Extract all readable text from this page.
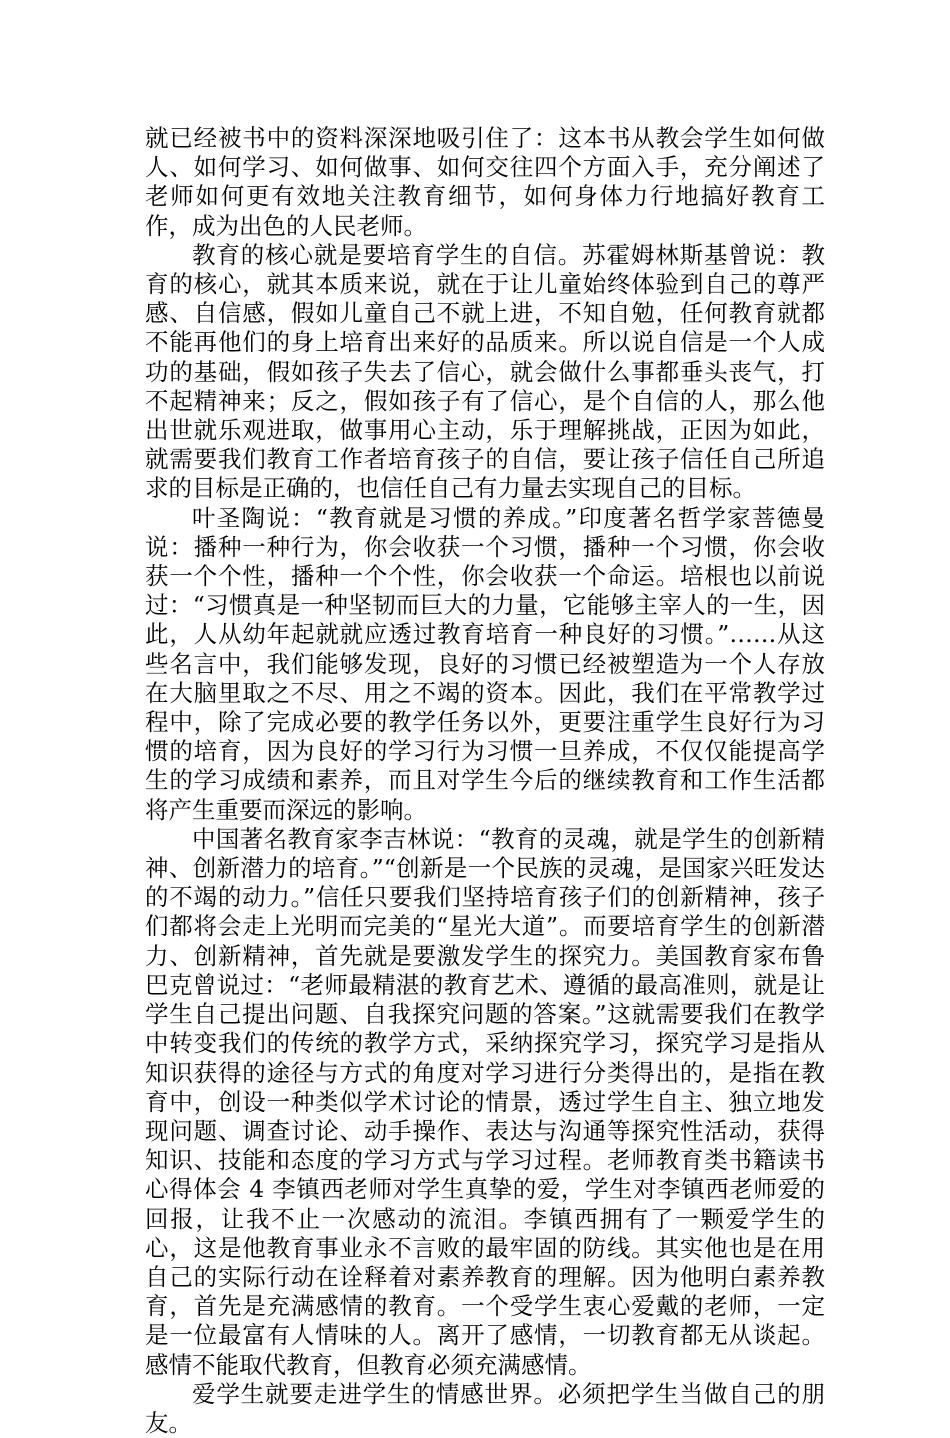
就已经被书中的资料深深地吸引住了：这本书从教会学生如何做人、如何学习、如何做事、如何交往四个方面入手，充分阐述了老师如何更有效地关注教育细节，如何身体力行地搞好教育工作，成为出色的人民老师。

教育的核心就是要培育学生的自信。苏霍姆林斯基曾说：教育的核心，就其本质来说，就在于让儿童始终体验到自己的尊严感、自信感，假如儿童自己不就上进，不知自勉，任何教育就都不能再他们的身上培育出来好的品质来。所以说自信是一个人成功的基础，假如孩子失去了信心，就会做什么事都垂头丧气，打不起精神来；反之，假如孩子有了信心，是个自信的人，那么他出世就乐观进取，做事用心主动，乐于理解挑战，正因为如此，就需要我们教育工作者培育孩子的自信，要让孩子信任自己所追求的目标是正确的，也信任自己有力量去实现自己的目标。

叶圣陶说：“教育就是习惯的养成。”印度著名哲学家菩德曼说：播种一种行为，你会收获一个习惯，播种一个习惯，你会收获一个个性，播种一个个性，你会收获一个命运。培根也以前说过：“习惯真是一种坚韧而巨大的力量，它能够主宰人的一生，因此，人从幼年起就就应透过教育培育一种良好的习惯。”……从这些名言中，我们能够发现，良好的习惯已经被塑造为一个人存放在大脑里取之不尽、用之不竭的资本。因此，我们在平常教学过程中，除了完成必要的教学任务以外，更要注重学生良好行为习惯的培育，因为良好的学习行为习惯一旦养成，不仅仅能提高学生的学习成绩和素养，而且对学生今后的继续教育和工作生活都将产生重要而深远的影响。

中国著名教育家李吉林说：“教育的灵魂，就是学生的创新精神、创新潜力的培育。”“创新是一个民族的灵魂，是国家兴旺发达的不竭的动力。”信任只要我们坚持培育孩子们的创新精神，孩子们都将会走上光明而完美的“星光大道”。而要培育学生的创新潜力、创新精神，首先就是要激发学生的探究力。美国教育家布鲁巴克曾说过：“老师最精湛的教育艺术、遵循的最高准则，就是让学生自己提出问题、自我探究问题的答案。”这就需要我们在教学中转变我们的传统的教学方式，采纳探究学习，探究学习是指从知识获得的途径与方式的角度对学习进行分类得出的，是指在教育中，创设一种类似学术讨论的情景，透过学生自主、独立地发现问题、调查讨论、动手操作、表达与沟通等探究性活动，获得知识、技能和态度的学习方式与学习过程。老师教育类书籍读书心得体会 4 李镇西老师对学生真挚的爱，学生对李镇西老师爱的回报，让我不止一次感动的流泪。李镇西拥有了一颗爱学生的心，这是他教育事业永不言败的最牢固的防线。其实他也是在用自己的实际行动在诠释着对素养教育的理解。因为他明白素养教育，首先是充满感情的教育。一个受学生衷心爱戴的老师，一定是一位最富有人情味的人。离开了感情，一切教育都无从谈起。感情不能取代教育，但教育必须充满感情。

爱学生就要走进学生的情感世界。必须把学生当做自己的朋友。
